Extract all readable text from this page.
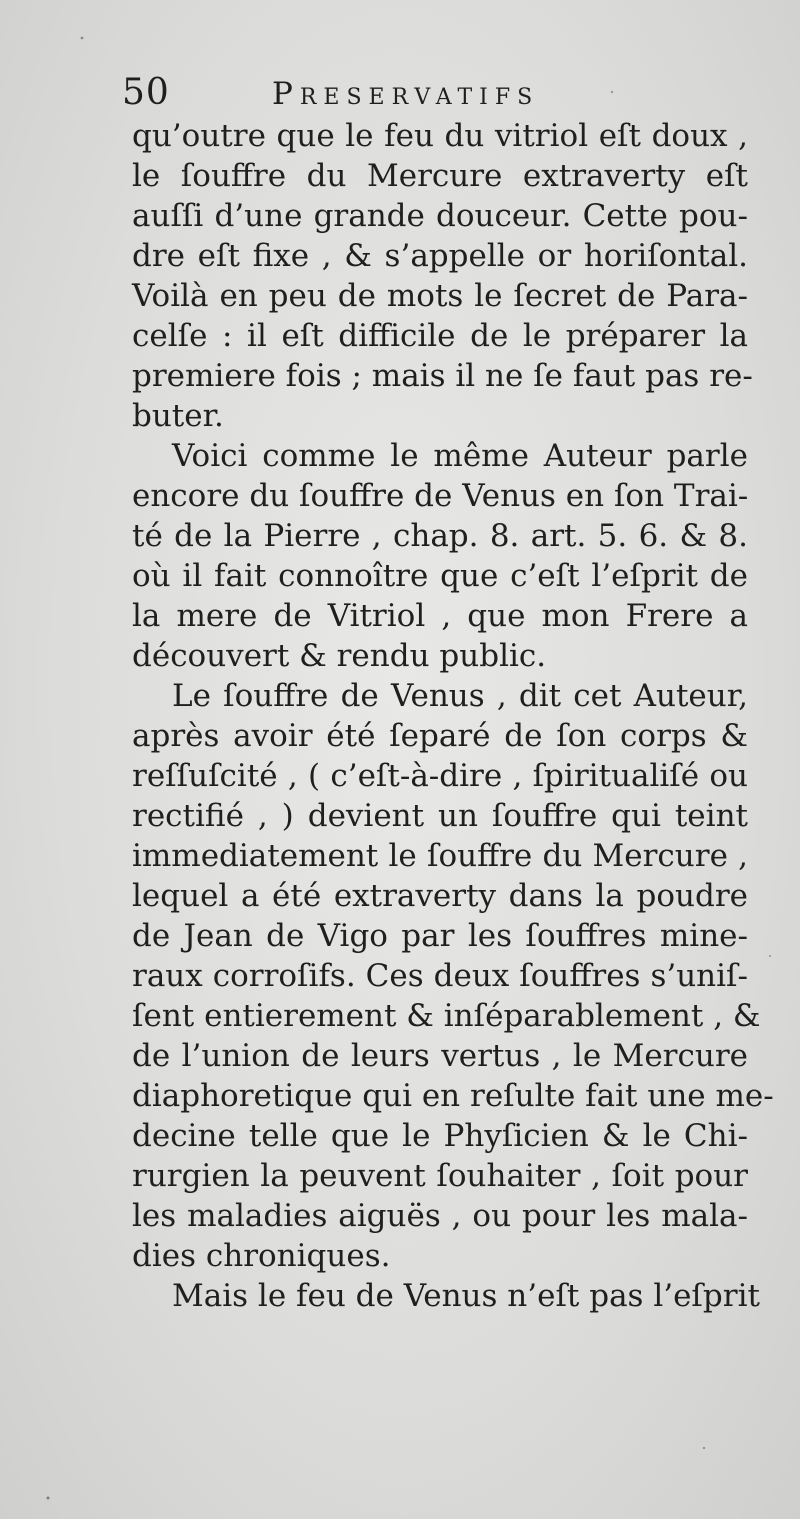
50	Preservatifs
qu’outre que le feu du vitriol eſt doux ,
le ſouffre du Mercure extraverty eſt
auſſi d’une grande douceur. Cette pou-
dre eſt fixe , & s’appelle or horiſontal.
Voilà en peu de mots le ſecret de Para-
celſe : il eſt difficile de le préparer la
premiere fois ; mais il ne ſe faut pas re-
buter.
Voici comme le même Auteur parle
encore du ſouffre de Venus en ſon Trai-
té de la Pierre , chap. 8. art. 5. 6. & 8.
où il fait connoître que c’eſt l’eſprit de
la mere de Vitriol , que mon Frere a
découvert & rendu public.
Le ſouffre de Venus , dit cet Auteur,
après avoir été ſeparé de ſon corps &
reſſuſcité , ( c’eſt-à-dire , ſpiritualiſé ou
rectifié , ) devient un ſouffre qui teint
immediatement le ſouffre du Mercure ,
lequel a été extraverty dans la poudre
de Jean de Vigo par les ſouffres mine-
raux corroſifs. Ces deux ſouffres s’uniſ-
ſent entierement & inſéparablement , &
de l’union de leurs vertus , le Mercure
diaphoretique qui en reſulte fait une me-
decine telle que le Phyſicien & le Chi-
rurgien la peuvent ſouhaiter , ſoit pour
les maladies aiguës , ou pour les mala-
dies chroniques.
Mais le feu de Venus n’eſt pas l’eſprit
